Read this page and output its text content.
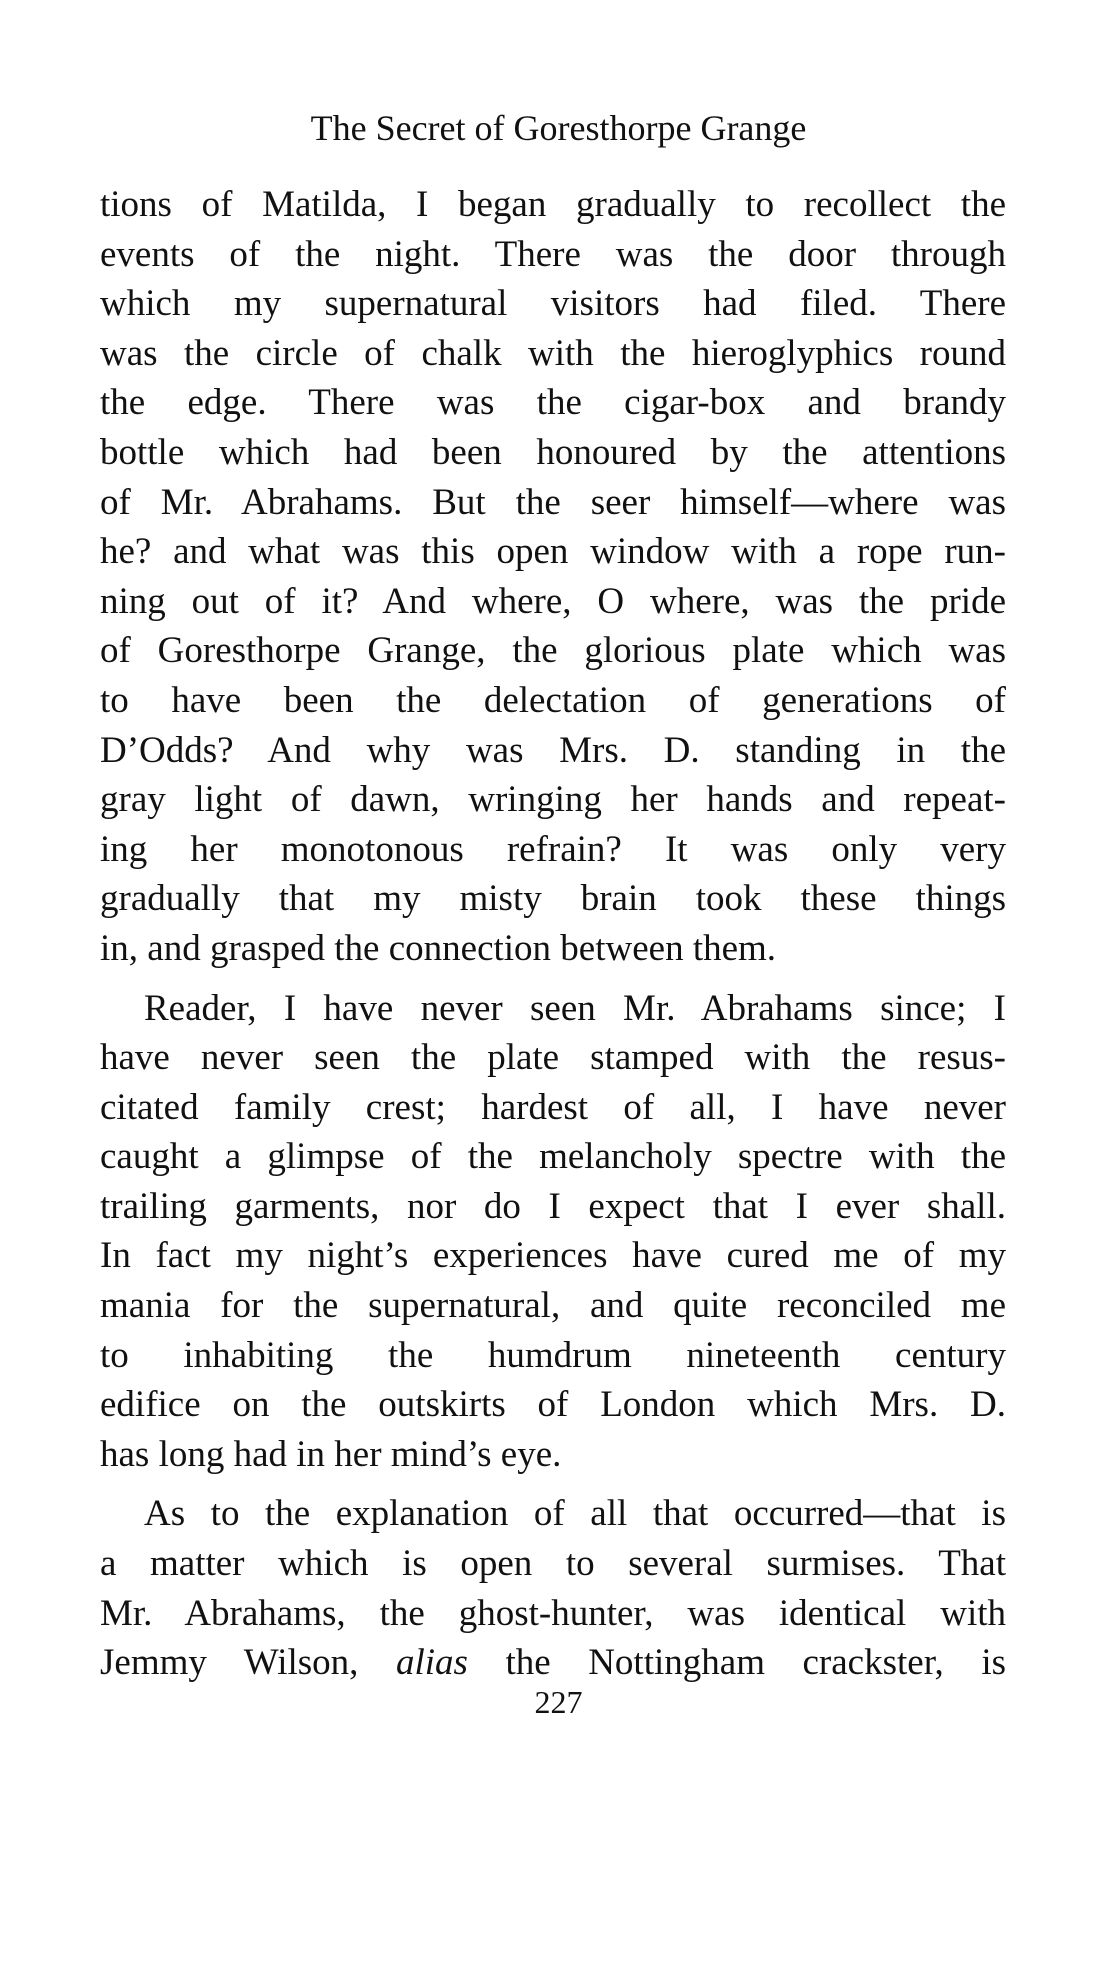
The Secret of Goresthorpe Grange
tions of Matilda, I began gradually to recollect the
events of the night. There was the door through
which my supernatural visitors had filed. There
was the circle of chalk with the hieroglyphics round
the edge. There was the cigar-box and brandy
bottle which had been honoured by the attentions
of Mr. Abrahams. But the seer himself—where was
he? and what was this open window with a rope run-
ning out of it? And where, O where, was the pride
of Goresthorpe Grange, the glorious plate which was
to have been the delectation of generations of
D’Odds? And why was Mrs. D. standing in the
gray light of dawn, wringing her hands and repeat-
ing her monotonous refrain? It was only very
gradually that my misty brain took these things
in, and grasped the connection between them.
Reader, I have never seen Mr. Abrahams since; I
have never seen the plate stamped with the resus-
citated family crest; hardest of all, I have never
caught a glimpse of the melancholy spectre with the
trailing garments, nor do I expect that I ever shall.
In fact my night’s experiences have cured me of my
mania for the supernatural, and quite reconciled me
to inhabiting the humdrum nineteenth century
edifice on the outskirts of London which Mrs. D.
has long had in her mind’s eye.
As to the explanation of all that occurred—that is
a matter which is open to several surmises. That
Mr. Abrahams, the ghost-hunter, was identical with
Jemmy Wilson, alias the Nottingham crackster, is
227
